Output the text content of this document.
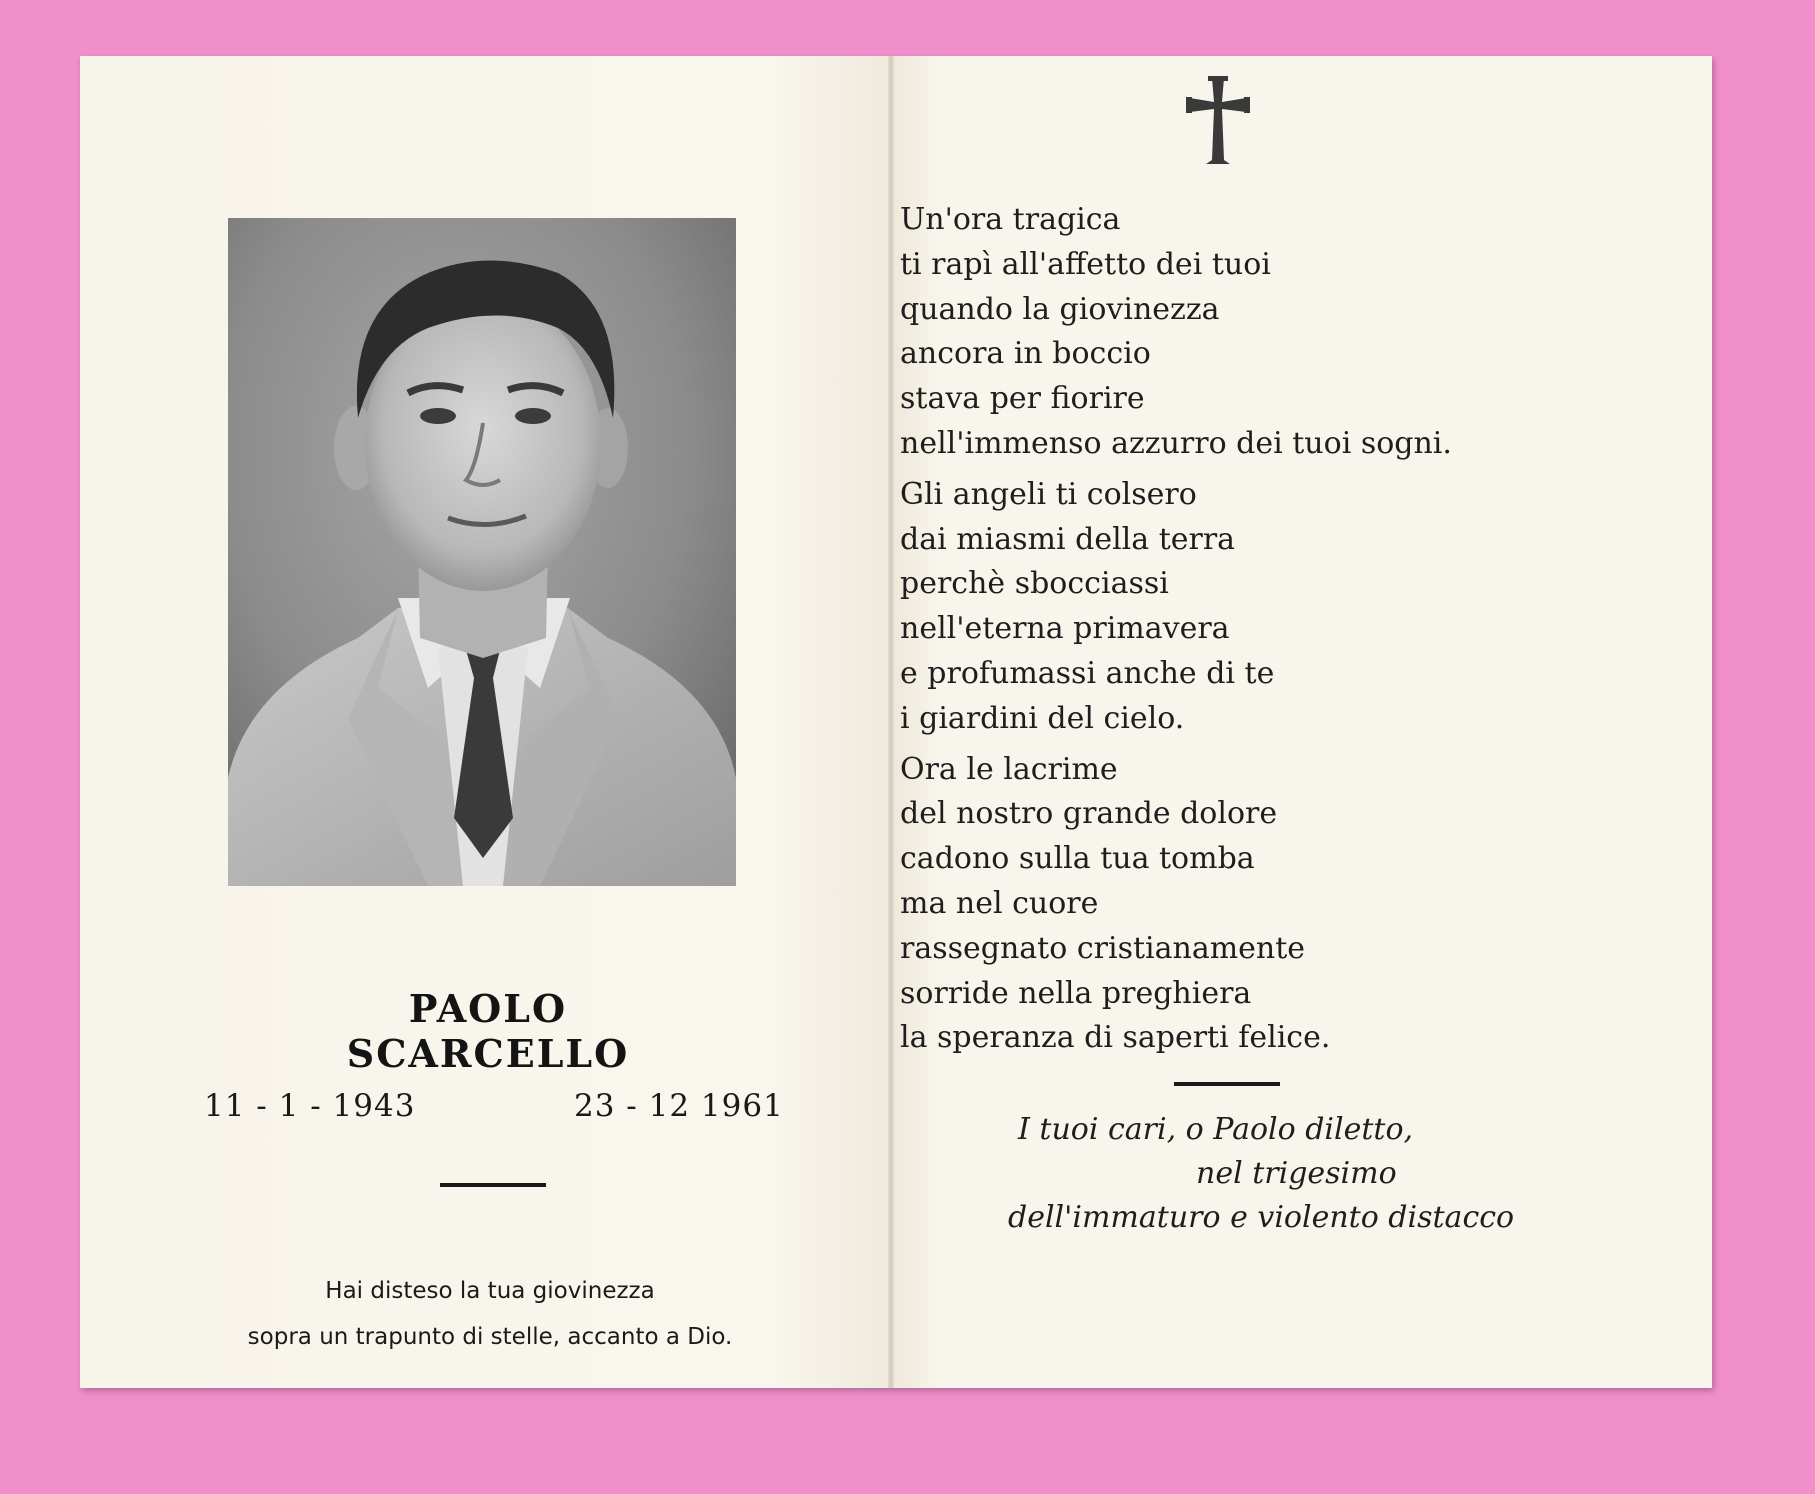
PAOLO SCARCELLO
11 - 1 - 1943	23 - 12 1961
Hai disteso la tua giovinezza
sopra un trapunto di stelle, accanto a Dio.
Un'ora tragica
ti rapì all'affetto dei tuoi
quando la giovinezza
ancora in boccio
stava per fiorire
nell'immenso azzurro dei tuoi sogni.
Gli angeli ti colsero
dai miasmi della terra
perchè sbocciassi
nell'eterna primavera
e profumassi anche di te
i giardini del cielo.
Ora le lacrime
del nostro grande dolore
cadono sulla tua tomba
ma nel cuore
rassegnato cristianamente
sorride nella preghiera
la speranza di saperti felice.
I tuoi cari, o Paolo diletto,
nel trigesimo
dell'immaturo e violento distacco
